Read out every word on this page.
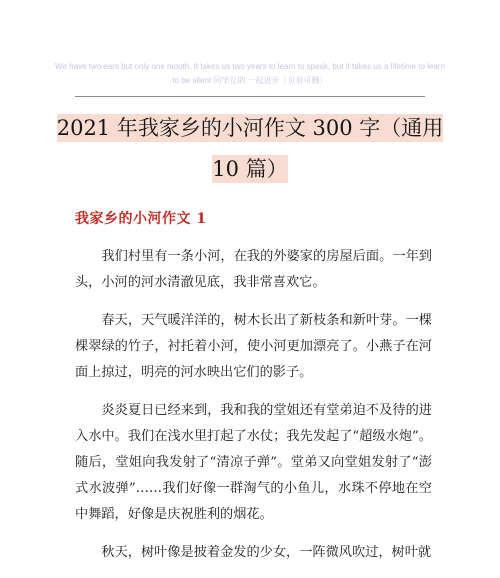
We have two ears but only one mouth. It takes us two years to learn to speak, but it takes us a lifetime to learn
to be silent 同学互助 一起进步（页眉可删）
2021 年我家乡的小河作文 300 字（通用
10 篇）
我家乡的小河作文 1

我们村里有一条小河，在我的外婆家的房屋后面。一年到头，小河的河水清澈见底，我非常喜欢它。

春天，天气暖洋洋的，树木长出了新枝条和新叶芽。一棵棵翠绿的竹子，衬托着小河，使小河更加漂亮了。小燕子在河面上掠过，明亮的河水映出它们的影子。

炎炎夏日已经来到，我和我的堂姐还有堂弟迫不及待的进入水中。我们在浅水里打起了水仗；我先发起了“超级水炮”。随后，堂姐向我发射了“清凉子弹”。堂弟又向堂姐发射了“澎式水波弹”……我们好像一群淘气的小鱼儿，水珠不停地在空中舞蹈，好像是庆祝胜利的烟花。

秋天，树叶像是披着金发的少女，一阵微风吹过，树叶就
